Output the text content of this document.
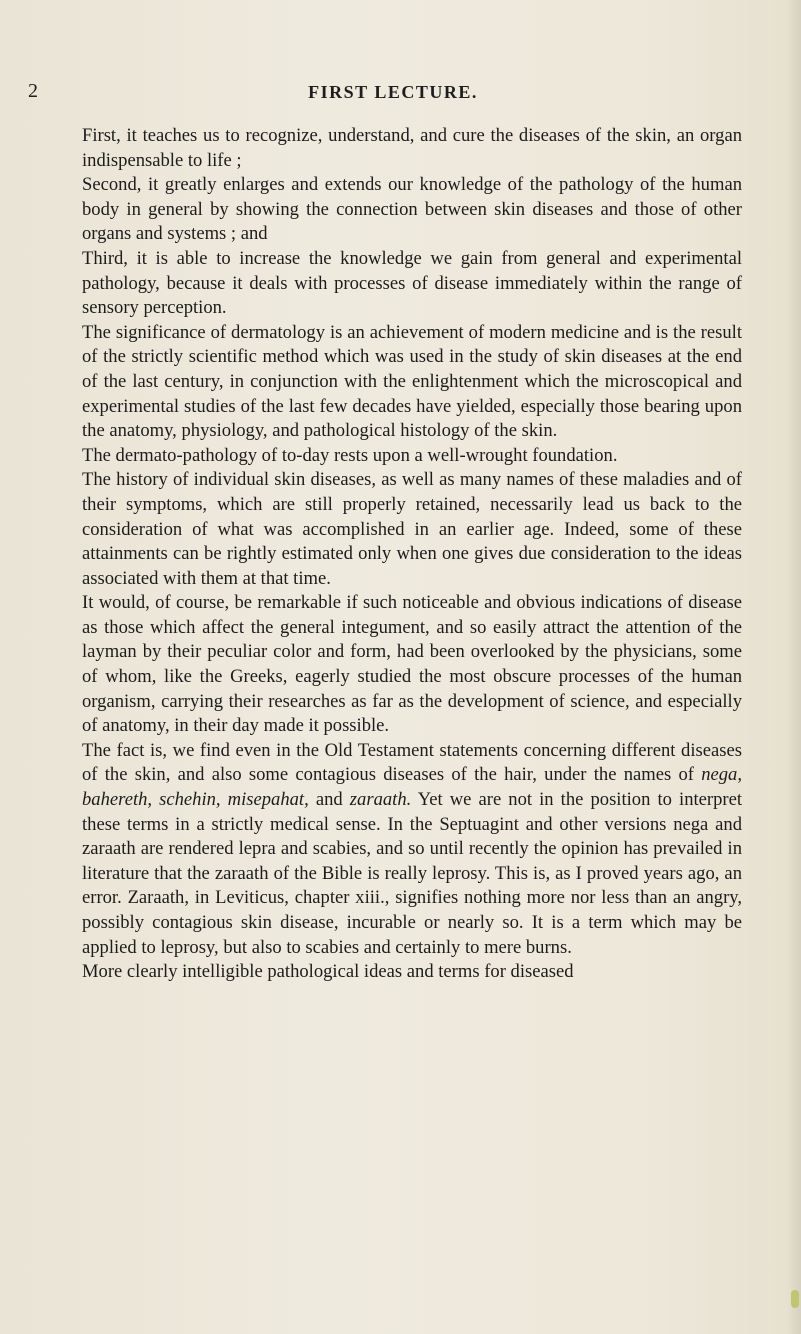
2	FIRST LECTURE.

First, it teaches us to recognize, understand, and cure the diseases of the skin, an organ indispensable to life ;

Second, it greatly enlarges and extends our knowledge of the pathology of the human body in general by showing the connection between skin diseases and those of other organs and systems ; and

Third, it is able to increase the knowledge we gain from general and experimental pathology, because it deals with processes of disease immediately within the range of sensory perception.

The significance of dermatology is an achievement of modern medicine and is the result of the strictly scientific method which was used in the study of skin diseases at the end of the last century, in conjunction with the enlightenment which the microscopical and experimental studies of the last few decades have yielded, especially those bearing upon the anatomy, physiology, and pathological histology of the skin.

The dermato-pathology of to-day rests upon a well-wrought foundation.

The history of individual skin diseases, as well as many names of these maladies and of their symptoms, which are still properly retained, necessarily lead us back to the consideration of what was accomplished in an earlier age. Indeed, some of these attainments can be rightly estimated only when one gives due consideration to the ideas associated with them at that time.

It would, of course, be remarkable if such noticeable and obvious indications of disease as those which affect the general integument, and so easily attract the attention of the layman by their peculiar color and form, had been overlooked by the physicians, some of whom, like the Greeks, eagerly studied the most obscure processes of the human organism, carrying their researches as far as the development of science, and especially of anatomy, in their day made it possible.

The fact is, we find even in the Old Testament statements concerning different diseases of the skin, and also some contagious diseases of the hair, under the names of nega, bahereth, schehin, misepahat, and zaraath. Yet we are not in the position to interpret these terms in a strictly medical sense. In the Septuagint and other versions nega and zaraath are rendered lepra and scabies, and so until recently the opinion has prevailed in literature that the zaraath of the Bible is really leprosy. This is, as I proved years ago, an error. Zaraath, in Leviticus, chapter xiii., signifies nothing more nor less than an angry, possibly contagious skin disease, incurable or nearly so. It is a term which may be applied to leprosy, but also to scabies and certainly to mere burns.

More clearly intelligible pathological ideas and terms for diseased
